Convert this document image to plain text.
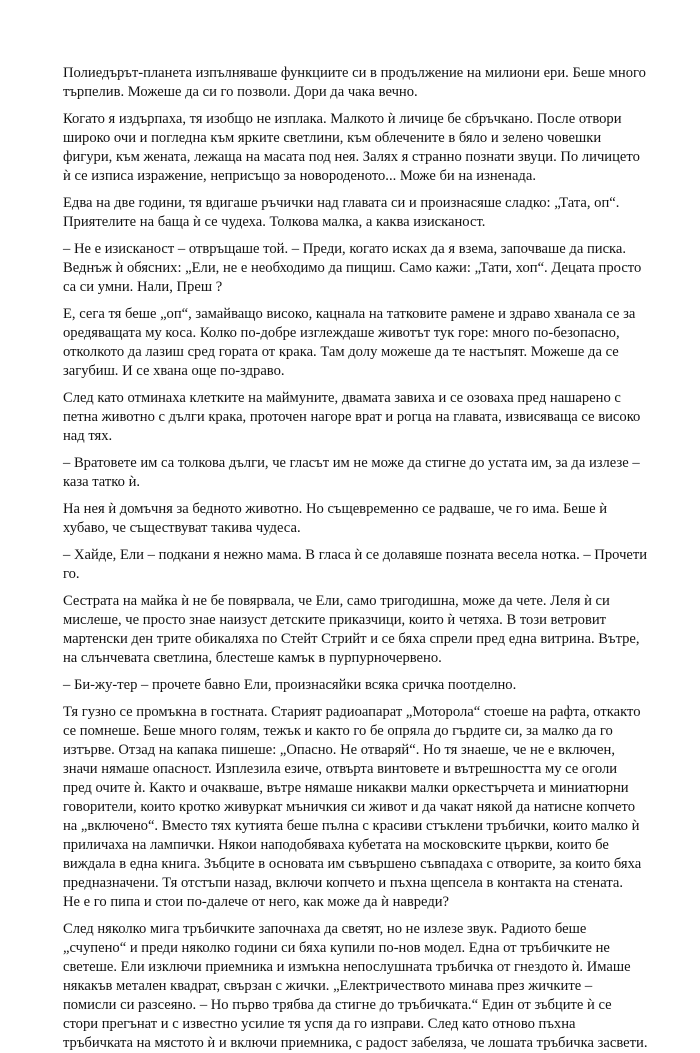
Полиедърът-планета изпълняваше функциите си в продължение на милиони ери. Беше много
търпелив. Можеше да си го позволи. Дори да чака вечно.

Когато я издърпаха, тя изобщо не изплака. Малкото ѝ личице бе сбръчкано. После отвори
широко очи и погледна към ярките светлини, към облечените в бяло и зелено човешки
фигури, към жената, лежаща на масата под нея. Залях я странно познати звуци. По личицето
ѝ се изписа изражение, неприсъщо за новороденото... Може би на изненада.

Едва на две години, тя вдигаше ръчички над главата си и произнасяше сладко: „Тата, оп“.
Приятелите на баща ѝ се чудеха. Толкова малка, а каква изисканост.

– Не е изисканост – отвръщаше той. – Преди, когато исках да я взема, започваше да писка.
Веднъж ѝ обясних: „Ели, не е необходимо да пищиш. Само кажи: „Тати, хоп“. Децата просто
са си умни. Нали, Преш ?

Е, сега тя беше „оп“, замайващо високо, кацнала на татковите рамене и здраво хванала се за
оредяващата му коса. Колко по-добре изглеждаше животът тук горе: много по-безопасно,
отколкото да лазиш сред гората от крака. Там долу можеше да те настъпят. Можеше да се
загубиш. И се хвана още по-здраво.

След като отминаха клетките на маймуните, двамата завиха и се озоваха пред нашарено с
петна животно с дълги крака, проточен нагоре врат и рогца на главата, извисяваща се високо
над тях.

– Вратовете им са толкова дълги, че гласът им не може да стигне до устата им, за да излезе –
каза татко ѝ.

На нея ѝ домъчня за бедното животно. Но същевременно се радваше, че го има. Беше ѝ
хубаво, че съществуват такива чудеса.

– Хайде, Ели – подкани я нежно мама. В гласа ѝ се долавяше позната весела нотка. – Прочети
го.

Сестрата на майка ѝ не бе повярвала, че Ели, само тригодишна, може да чете. Леля ѝ си
мислеше, че просто знае наизуст детските приказчици, които ѝ четяха. В този ветровит
мартенски ден трите обикаляха по Стейт Стрийт и се бяха спрели пред една витрина. Вътре,
на слънчевата светлина, блестеше камък в пурпурночервено.

– Би-жу-тер – прочете бавно Ели, произнасяйки всяка сричка поотделно.

Тя гузно се промъкна в гостната. Старият радиоапарат „Моторола“ стоеше на рафта, откакто
се помнеше. Беше много голям, тежък и както го бе опряла до гърдите си, за малко да го
изтърве. Отзад на капака пишеше: „Опасно. Не отваряй“. Но тя знаеше, че не е включен,
значи нямаше опасност. Изплезила езиче, отвърта винтовете и вътрешността му се оголи
пред очите ѝ. Както и очакваше, вътре нямаше никакви малки оркестърчета и миниатюрни
говорители, които кротко живуркат мъничкия си живот и да чакат някой да натисне копчето
на „включено“. Вместо тях кутията беше пълна с красиви стъклени тръбички, които малко ѝ
приличаха на лампички. Някои наподобяваха кубетата на московските църкви, които бе
виждала в една книга. Зъбците в основата им съвършено съвпадаха с отворите, за които бяха
предназначени. Тя отстъпи назад, включи копчето и пъхна щепсела в контакта на стената.
Не е го пипа и стои по-далече от него, как може да ѝ навреди?

След няколко мига тръбичките започнаха да светят, но не излезе звук. Радиото беше
„счупено“ и преди няколко години си бяха купили по-нов модел. Една от тръбичките не
светеше. Ели изключи приемника и измъкна непослушната тръбичка от гнездото ѝ. Имаше
някакъв метален квадрат, свързан с жички. „Електричеството минава през жичките –
помисли си разсеяно. – Но първо трябва да стигне до тръбичката.“ Един от зъбците ѝ се
стори прегънат и с известно усилие тя успя да го изправи. След като отново пъхна
тръбичката на мястото ѝ и включи приемника, с радост забеляза, че лошата тръбичка засвети.
